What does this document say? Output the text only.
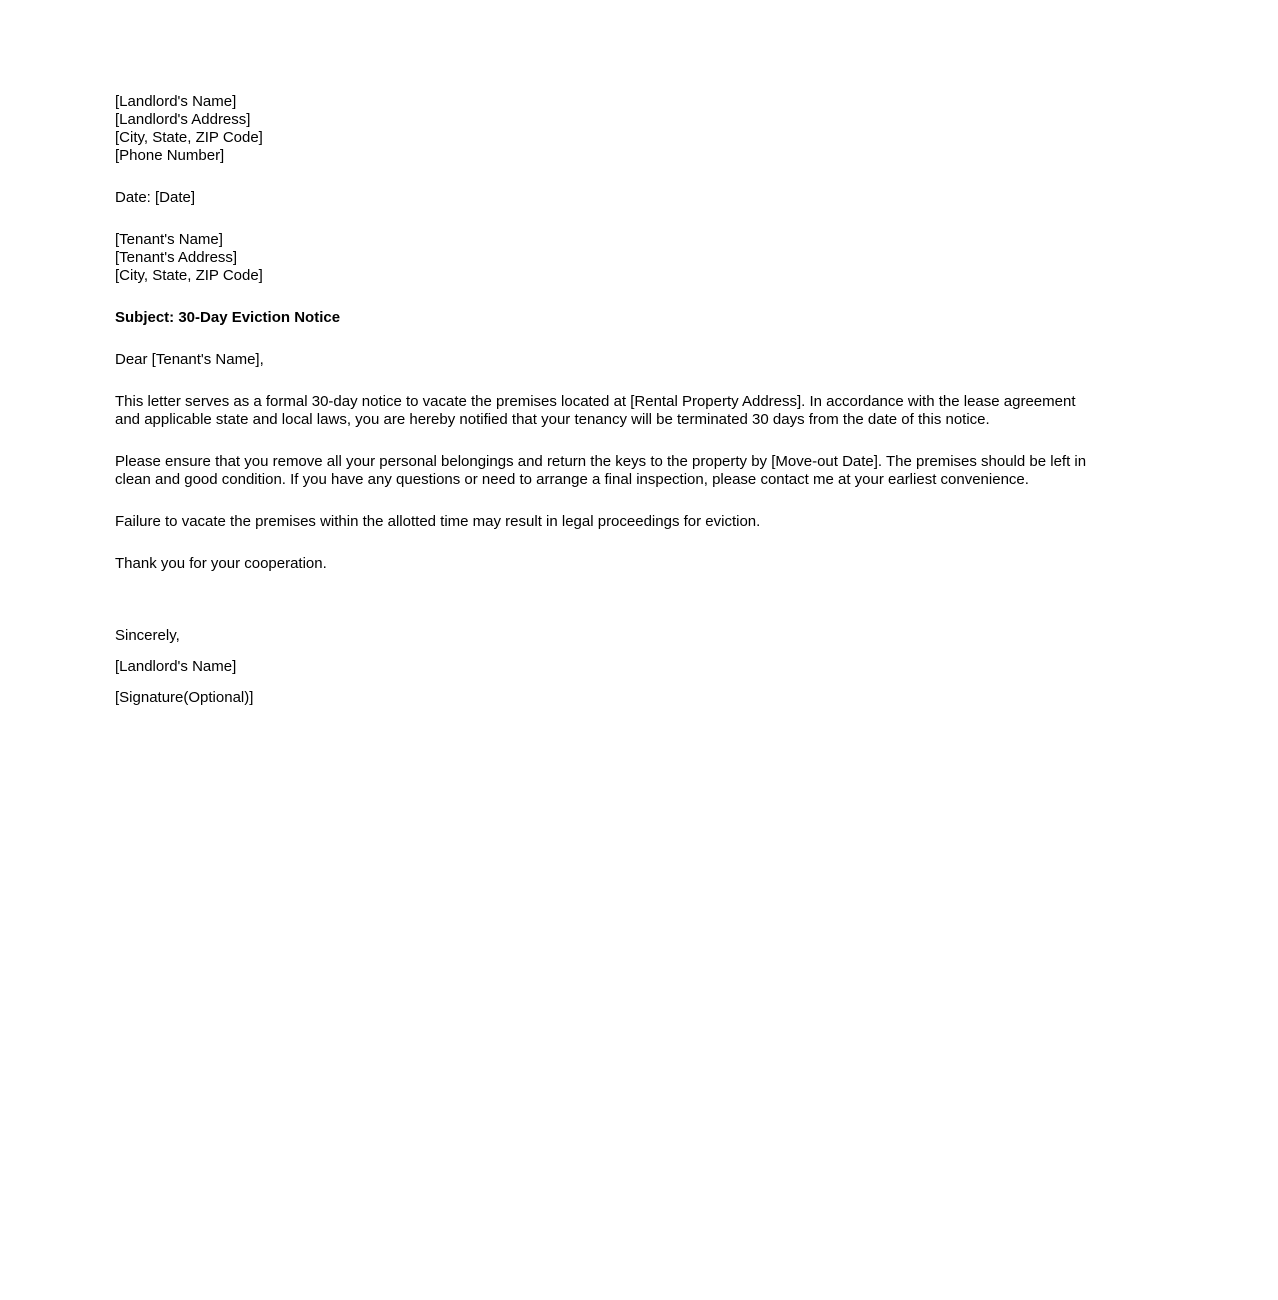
[Landlord's Name]
[Landlord's Address]
[City, State, ZIP Code]
[Phone Number]
Date: [Date]
[Tenant's Name]
[Tenant's Address]
[City, State, ZIP Code]
Subject: 30-Day Eviction Notice
Dear [Tenant's Name],
This letter serves as a formal 30-day notice to vacate the premises located at [Rental Property Address]. In accordance with the lease agreement
and applicable state and local laws, you are hereby notified that your tenancy will be terminated 30 days from the date of this notice.
Please ensure that you remove all your personal belongings and return the keys to the property by [Move-out Date]. The premises should be left in
clean and good condition. If you have any questions or need to arrange a final inspection, please contact me at your earliest convenience.
Failure to vacate the premises within the allotted time may result in legal proceedings for eviction.
Thank you for your cooperation.
Sincerely,
[Landlord's Name]
[Signature(Optional)]
